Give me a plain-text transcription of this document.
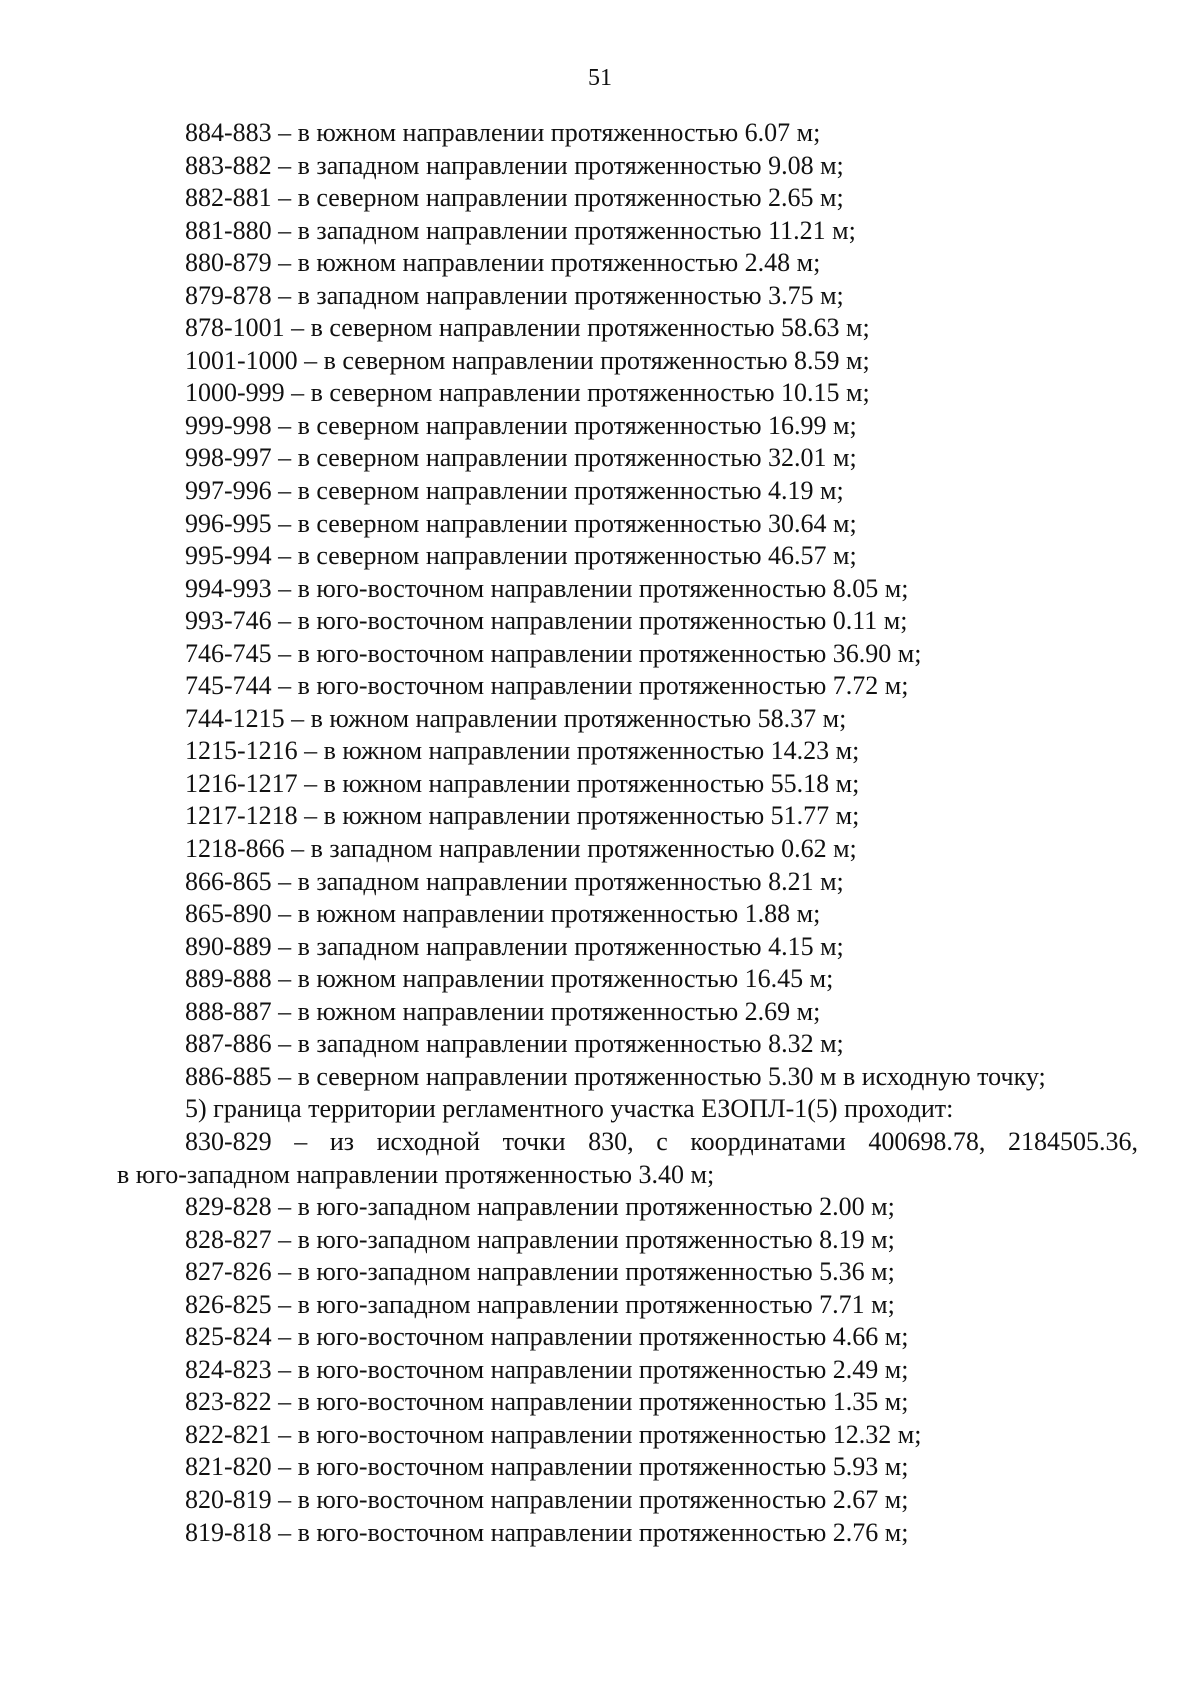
51
884-883 – в южном направлении протяженностью 6.07 м;
883-882 – в западном направлении протяженностью 9.08 м;
882-881 – в северном направлении протяженностью 2.65 м;
881-880 – в западном направлении протяженностью 11.21 м;
880-879 – в южном направлении протяженностью 2.48 м;
879-878 – в западном направлении протяженностью 3.75 м;
878-1001 – в северном направлении протяженностью 58.63 м;
1001-1000 – в северном направлении протяженностью 8.59 м;
1000-999 – в северном направлении протяженностью 10.15 м;
999-998 – в северном направлении протяженностью 16.99 м;
998-997 – в северном направлении протяженностью 32.01 м;
997-996 – в северном направлении протяженностью 4.19 м;
996-995 – в северном направлении протяженностью 30.64 м;
995-994 – в северном направлении протяженностью 46.57 м;
994-993 – в юго-восточном направлении протяженностью 8.05 м;
993-746 – в юго-восточном направлении протяженностью 0.11 м;
746-745 – в юго-восточном направлении протяженностью 36.90 м;
745-744 – в юго-восточном направлении протяженностью 7.72 м;
744-1215 – в южном направлении протяженностью 58.37 м;
1215-1216 – в южном направлении протяженностью 14.23 м;
1216-1217 – в южном направлении протяженностью 55.18 м;
1217-1218 – в южном направлении протяженностью 51.77 м;
1218-866 – в западном направлении протяженностью 0.62 м;
866-865 – в западном направлении протяженностью 8.21 м;
865-890 – в южном направлении протяженностью 1.88 м;
890-889 – в западном направлении протяженностью 4.15 м;
889-888 – в южном направлении протяженностью 16.45 м;
888-887 – в южном направлении протяженностью 2.69 м;
887-886 – в западном направлении протяженностью 8.32 м;
886-885 – в северном направлении протяженностью 5.30 м в исходную точку;
5) граница территории регламентного участка ЕЗОПЛ-1(5) проходит:
830-829 – из исходной точки 830, с координатами 400698.78, 2184505.36,
в юго-западном направлении протяженностью 3.40 м;
829-828 – в юго-западном направлении протяженностью 2.00 м;
828-827 – в юго-западном направлении протяженностью 8.19 м;
827-826 – в юго-западном направлении протяженностью 5.36 м;
826-825 – в юго-западном направлении протяженностью 7.71 м;
825-824 – в юго-восточном направлении протяженностью 4.66 м;
824-823 – в юго-восточном направлении протяженностью 2.49 м;
823-822 – в юго-восточном направлении протяженностью 1.35 м;
822-821 – в юго-восточном направлении протяженностью 12.32 м;
821-820 – в юго-восточном направлении протяженностью 5.93 м;
820-819 – в юго-восточном направлении протяженностью 2.67 м;
819-818 – в юго-восточном направлении протяженностью 2.76 м;
